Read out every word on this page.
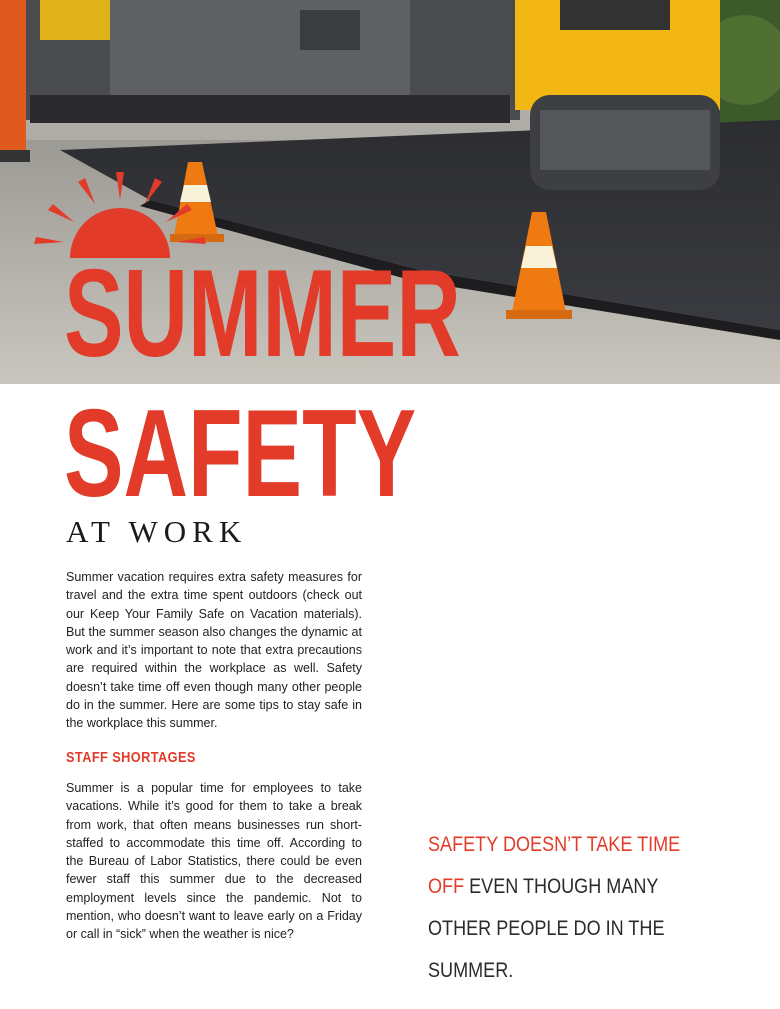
SUMMER
SAFETY
AT WORK

Summer vacation requires extra safety measures for travel and the extra time spent outdoors (check out our Keep Your Family Safe on Vacation materials). But the summer season also changes the dynamic at work and it’s important to note that extra precautions are required within the workplace as well. Safety doesn’t take time off even though many other people do in the summer. Here are some tips to stay safe in the workplace this summer.

STAFF SHORTAGES

Summer is a popular time for employees to take vacations. While it’s good for them to take a break from work, that often means businesses run short-staffed to accommodate this time off. According to the Bureau of Labor Statistics, there could be even fewer staff this summer due to the decreased employment levels since the pandemic. Not to mention, who doesn’t want to leave early on a Friday or call in “sick” when the weather is nice?

SAFETY DOESN’T TAKE TIME OFF EVEN THOUGH MANY OTHER PEOPLE DO IN THE SUMMER.
